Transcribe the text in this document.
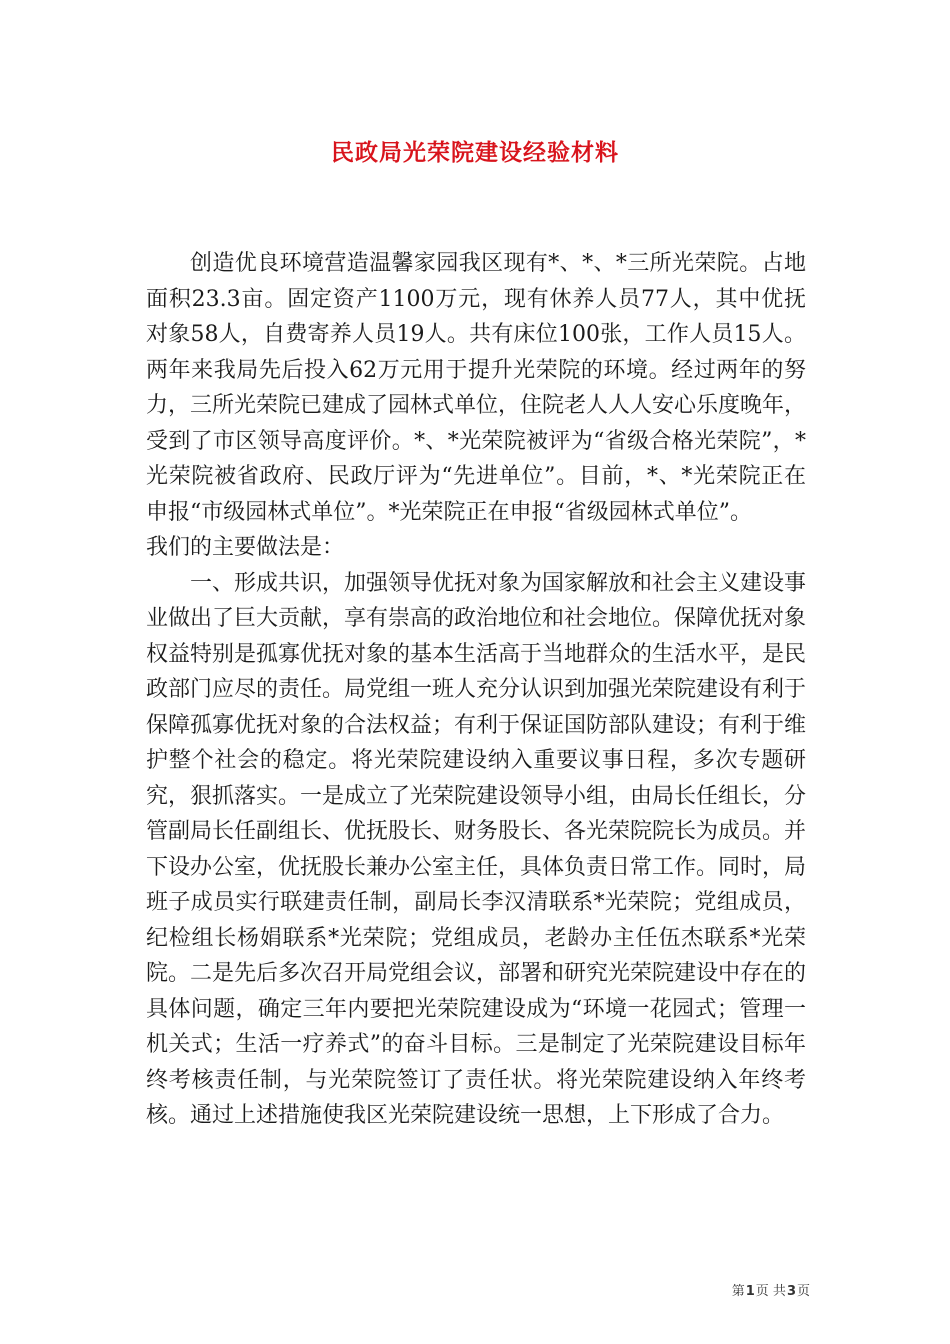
民政局光荣院建设经验材料

创造优良环境营造温馨家园我区现有*、*、*三所光荣院。占地面积23.3亩。固定资产1100万元，现有休养人员77人，其中优抚对象58人，自费寄养人员19人。共有床位100张，工作人员15人。两年来我局先后投入62万元用于提升光荣院的环境。经过两年的努力，三所光荣院已建成了园林式单位，住院老人人人安心乐度晚年，受到了市区领导高度评价。*、*光荣院被评为“省级合格光荣院”，*光荣院被省政府、民政厅评为“先进单位”。目前，*、*光荣院正在申报“市级园林式单位”。*光荣院正在申报“省级园林式单位”。

我们的主要做法是：

一、形成共识，加强领导优抚对象为国家解放和社会主义建设事业做出了巨大贡献，享有崇高的政治地位和社会地位。保障优抚对象权益特别是孤寡优抚对象的基本生活高于当地群众的生活水平，是民政部门应尽的责任。局党组一班人充分认识到加强光荣院建设有利于保障孤寡优抚对象的合法权益；有利于保证国防部队建设；有利于维护整个社会的稳定。将光荣院建设纳入重要议事日程，多次专题研究，狠抓落实。一是成立了光荣院建设领导小组，由局长任组长，分管副局长任副组长、优抚股长、财务股长、各光荣院院长为成员。并下设办公室，优抚股长兼办公室主任，具体负责日常工作。同时，局班子成员实行联建责任制，副局长李汉清联系*光荣院；党组成员，纪检组长杨娟联系*光荣院；党组成员，老龄办主任伍杰联系*光荣院。二是先后多次召开局党组会议，部署和研究光荣院建设中存在的具体问题，确定三年内要把光荣院建设成为“环境一花园式；管理一机关式；生活一疗养式”的奋斗目标。三是制定了光荣院建设目标年终考核责任制，与光荣院签订了责任状。将光荣院建设纳入年终考核。通过上述措施使我区光荣院建设统一思想，上下形成了合力。

第1页 共3页
